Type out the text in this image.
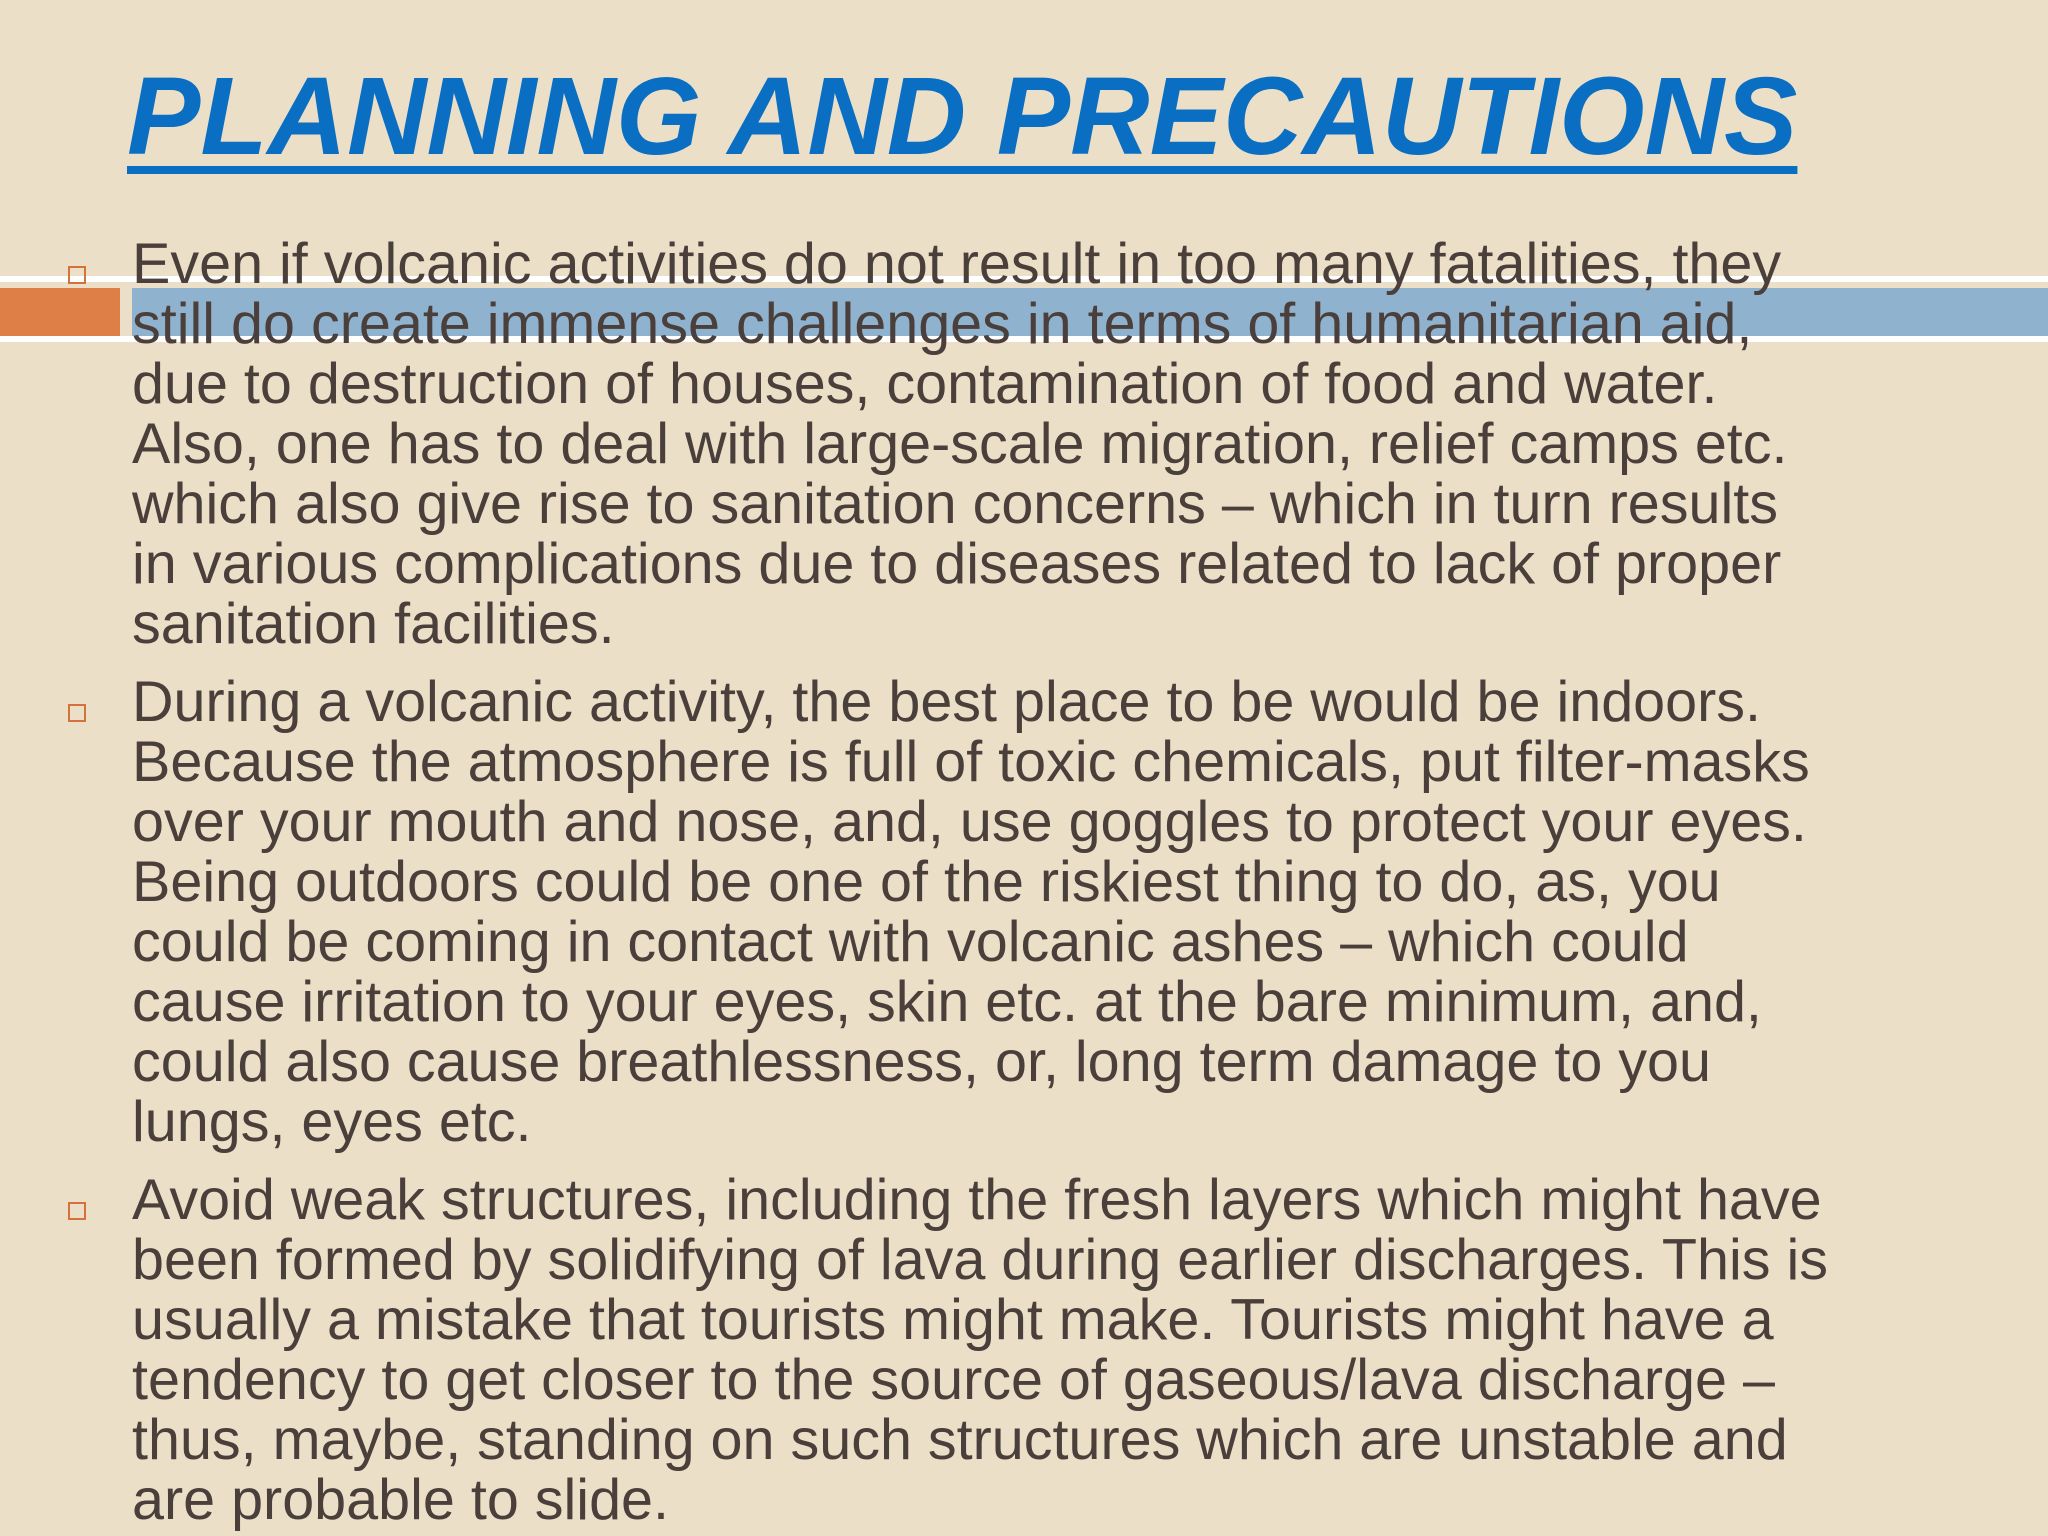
PLANNING AND PRECAUTIONS
Even if volcanic activities do not result in too many fatalities, they
still do create immense challenges in terms of humanitarian aid,
due to destruction of houses, contamination of food and water.
Also, one has to deal with large-scale migration, relief camps etc.
which also give rise to sanitation concerns – which in turn results
in various complications due to diseases related to lack of proper
sanitation facilities.
During a volcanic activity, the best place to be would be indoors.
Because the atmosphere is full of toxic chemicals, put filter-masks
over your mouth and nose, and, use goggles to protect your eyes.
Being outdoors could be one of the riskiest thing to do, as, you
could be coming in contact with volcanic ashes – which could
cause irritation to your eyes, skin etc. at the bare minimum, and,
could also cause breathlessness, or, long term damage to you
lungs, eyes etc.
Avoid weak structures, including the fresh layers which might have
been formed by solidifying of lava during earlier discharges. This is
usually a mistake that tourists might make. Tourists might have a
tendency to get closer to the source of gaseous/lava discharge –
thus, maybe, standing on such structures which are unstable and
are probable to slide.
